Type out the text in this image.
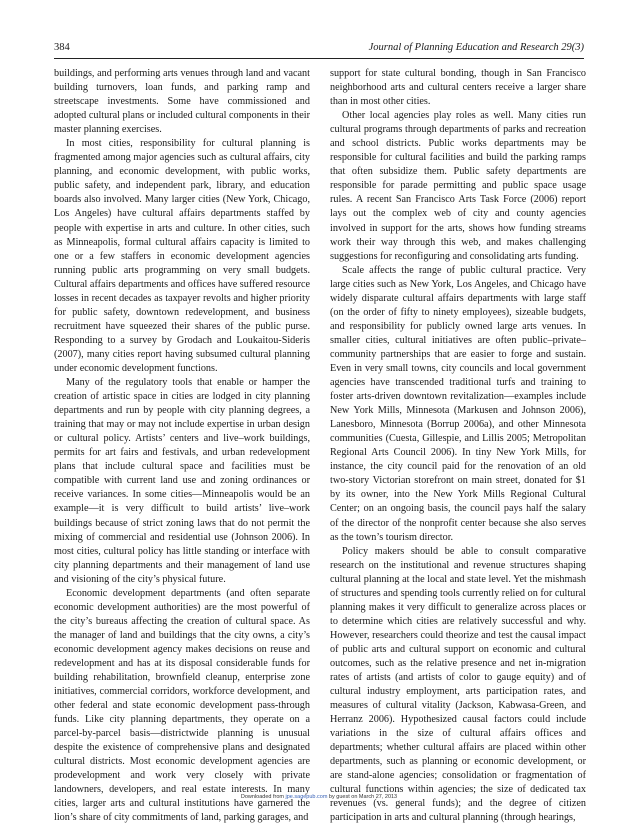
384	Journal of Planning Education and Research 29(3)

buildings, and performing arts venues through land and vacant building turnovers, loan funds, and parking ramp and streetscape investments. Some have commissioned and adopted cultural plans or included cultural components in their master planning exercises.

In most cities, responsibility for cultural planning is fragmented among major agencies such as cultural affairs, city planning, and economic development, with public works, public safety, and independent park, library, and education boards also involved. Many larger cities (New York, Chicago, Los Angeles) have cultural affairs departments staffed by people with expertise in arts and culture. In other cities, such as Minneapolis, formal cultural affairs capacity is limited to one or a few staffers in economic development agencies running public arts programming on very small budgets. Cultural affairs departments and offices have suffered resource losses in recent decades as taxpayer revolts and higher priority for public safety, downtown redevelopment, and business recruitment have squeezed their shares of the public purse. Responding to a survey by Grodach and Loukaitou-Sideris (2007), many cities report having subsumed cultural planning under economic development functions.

Many of the regulatory tools that enable or hamper the creation of artistic space in cities are lodged in city planning departments and run by people with city planning degrees, a training that may or may not include expertise in urban design or cultural policy. Artists’ centers and live–work buildings, permits for art fairs and festivals, and urban redevelopment plans that include cultural space and facilities must be compatible with current land use and zoning ordinances or receive variances. In some cities—Minneapolis would be an example—it is very difficult to build artists’ live–work buildings because of strict zoning laws that do not permit the mixing of commercial and residential use (Johnson 2006). In most cities, cultural policy has little standing or interface with city planning departments and their management of land use and visioning of the city’s physical future.

Economic development departments (and often separate economic development authorities) are the most powerful of the city’s bureaus affecting the creation of cultural space. As the manager of land and buildings that the city owns, a city’s economic development agency makes decisions on reuse and redevelopment and has at its disposal considerable funds for building rehabilitation, brownfield cleanup, enterprise zone initiatives, commercial corridors, workforce development, and other federal and state economic development pass-through funds. Like city planning departments, they operate on a parcel-by-parcel basis—districtwide planning is unusual despite the existence of comprehensive plans and designated cultural districts. Most economic development agencies are prodevelopment and work very closely with private landowners, developers, and real estate interests. In many cities, larger arts and cultural institutions have garnered the lion’s share of city commitments of land, parking garages, and

support for state cultural bonding, though in San Francisco neighborhood arts and cultural centers receive a larger share than in most other cities.

Other local agencies play roles as well. Many cities run cultural programs through departments of parks and recreation and school districts. Public works departments may be responsible for cultural facilities and build the parking ramps that often subsidize them. Public safety departments are responsible for parade permitting and public space usage rules. A recent San Francisco Arts Task Force (2006) report lays out the complex web of city and county agencies involved in support for the arts, shows how funding streams work their way through this web, and makes challenging suggestions for reconfiguring and consolidating arts funding.

Scale affects the range of public cultural practice. Very large cities such as New York, Los Angeles, and Chicago have widely disparate cultural affairs departments with large staff (on the order of fifty to ninety employees), sizeable budgets, and responsibility for publicly owned large arts venues. In smaller cities, cultural initiatives are often public–private–community partnerships that are easier to forge and sustain. Even in very small towns, city councils and local government agencies have transcended traditional turfs and training to foster arts-driven downtown revitalization—examples include New York Mills, Minnesota (Markusen and Johnson 2006), Lanesboro, Minnesota (Borrup 2006a), and other Minnesota communities (Cuesta, Gillespie, and Lillis 2005; Metropolitan Regional Arts Council 2006). In tiny New York Mills, for instance, the city council paid for the renovation of an old two-story Victorian storefront on main street, donated for $1 by its owner, into the New York Mills Regional Cultural Center; on an ongoing basis, the council pays half the salary of the director of the nonprofit center because she also serves as the town’s tourism director.

Policy makers should be able to consult comparative research on the institutional and revenue structures shaping cultural planning at the local and state level. Yet the mishmash of structures and spending tools currently relied on for cultural planning makes it very difficult to generalize across places or to determine which cities are relatively successful and why. However, researchers could theorize and test the causal impact of public arts and cultural support on economic and cultural outcomes, such as the relative presence and net in-migration rates of artists (and artists of color to gauge equity) and of cultural industry employment, arts participation rates, and measures of cultural vitality (Jackson, Kabwasa-Green, and Herranz 2006). Hypothesized causal factors could include variations in the size of cultural affairs offices and departments; whether cultural affairs are placed within other departments, such as planning or economic development, or are stand-alone agencies; consolidation or fragmentation of cultural functions within agencies; the size of dedicated tax revenues (vs. general funds); and the degree of citizen participation in arts and cultural planning (through hearings,

Downloaded from jpe.sagepub.com by guest on March 27, 2013
